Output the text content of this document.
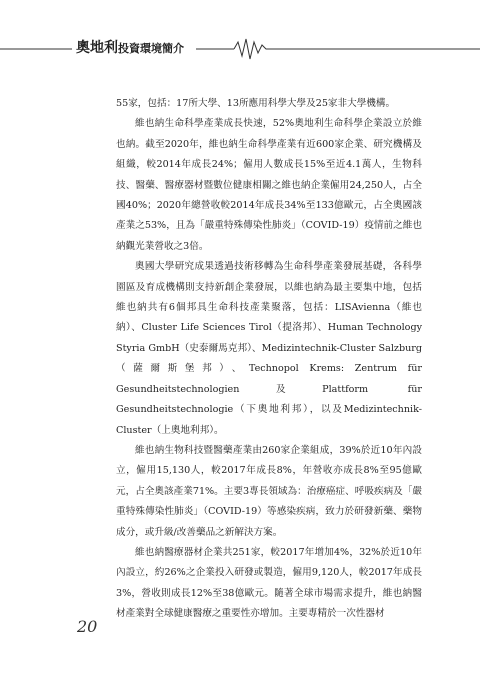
奧地利投資環境簡介

55家，包括：17所大學、13所應用科學大學及25家非大學機構。

維也納生命科學產業成長快速，52%奧地利生命科學企業設立於維也納。截至2020年，維也納生命科學產業有近600家企業、研究機構及組織，較2014年成長24%；僱用人數成長15%至近4.1萬人，生物科技、醫藥、醫療器材暨數位健康相關之維也納企業僱用24,250人，占全國40%；2020年總營收較2014年成長34%至133億歐元，占全奧國該產業之53%，且為「嚴重特殊傳染性肺炎」（COVID-19）疫情前之維也納觀光業營收之3倍。

奧國大學研究成果透過技術移轉為生命科學產業發展基礎，各科學園區及育成機構則支持新創企業發展，以維也納為最主要集中地，包括維也納共有6個邦具生命科技產業聚落，包括：LISAvienna（維也納）、Cluster Life Sciences Tirol（提洛邦）、Human Technology Styria GmbH（史泰爾馬克邦）、Medizintechnik-Cluster Salzburg（薩爾斯堡邦）、Technopol Krems: Zentrum für Gesundheitstechnologien及Plattform für Gesundheitstechnologie（下奧地利邦），以及Medizintechnik-Cluster（上奧地利邦）。

維也納生物科技暨醫藥產業由260家企業組成，39%於近10年內設立，僱用15,130人，較2017年成長8%，年營收亦成長8%至95億歐元，占全奧該產業71%。主要3專長領域為：治療癌症、呼吸疾病及「嚴重特殊傳染性肺炎」（COVID-19）等感染疾病，致力於研發新藥、藥物成分，或升級/改善藥品之新解決方案。

維也納醫療器材企業共251家，較2017年增加4%，32%於近10年內設立，約26%之企業投入研發或製造，僱用9,120人，較2017年成長3%，營收則成長12%至38億歐元。隨著全球市場需求提升，維也納醫材產業對全球健康醫療之重要性亦增加。主要專精於一次性器材

20
